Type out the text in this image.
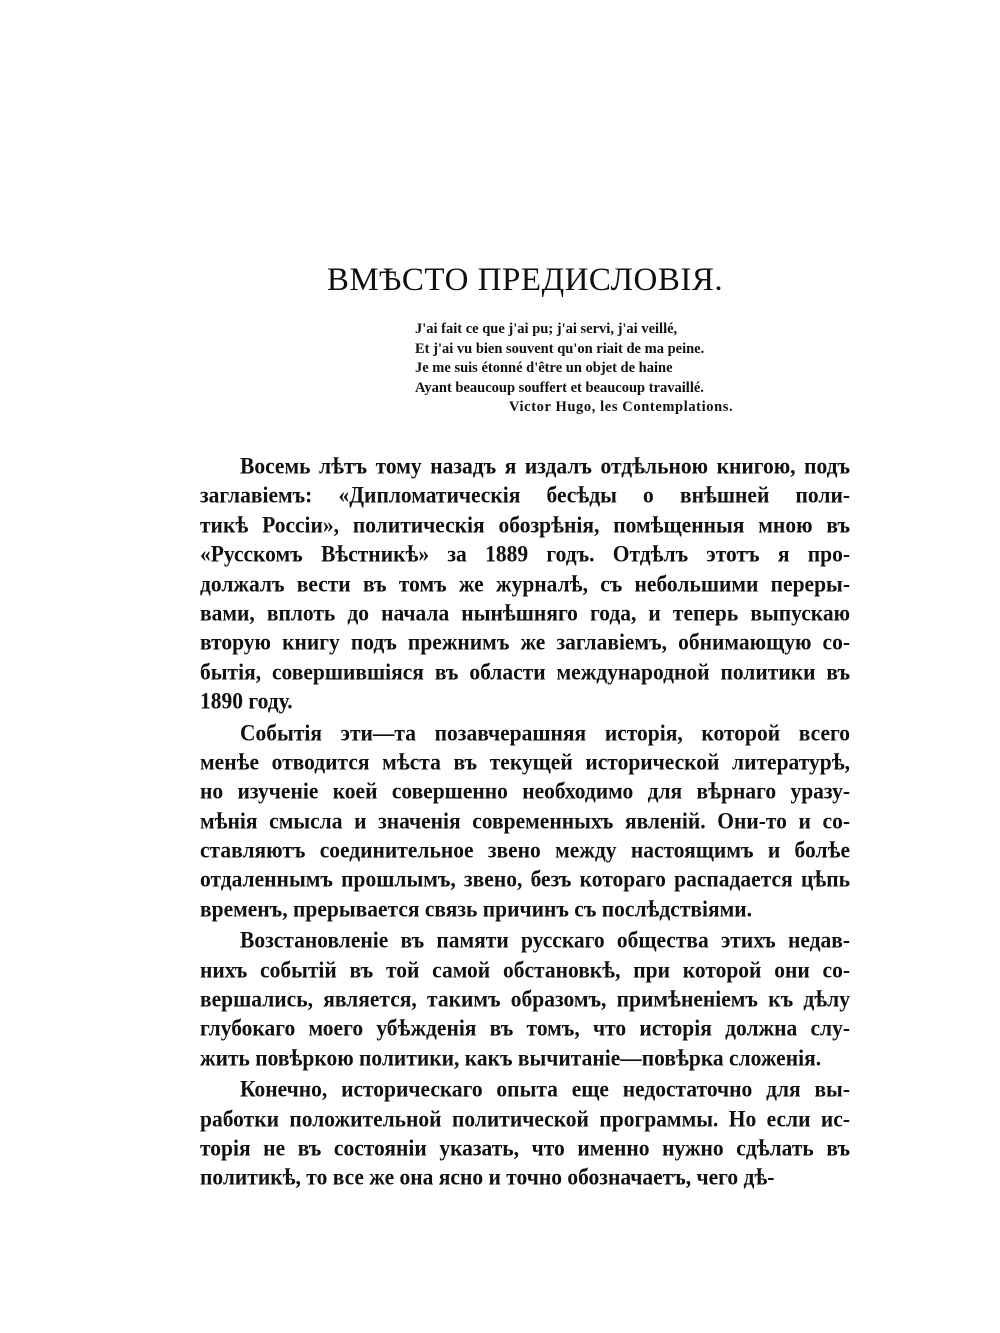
ВМѢСТО ПРЕДИСЛОВІЯ.
J'ai fait ce que j'ai pu; j'ai servi, j'ai veillé,
Et j'ai vu bien souvent qu'on riait de ma peine.
Je me suis étonné d'être un objet de haine
Ayant beaucoup souffert et beaucoup travaillé.
Victor Hugo, les Contemplations.
Восемь лѣтъ тому назадъ я издалъ отдѣльною книгою, подъ
заглавіемъ: «Дипломатическія бесѣды о внѣшней поли-
тикѣ Россіи», политическія обозрѣнія, помѣщенныя мною въ
«Русскомъ Вѣстникѣ» за 1889 годъ. Отдѣлъ этотъ я про-
должалъ вести въ томъ же журналѣ, съ небольшими переры-
вами, вплоть до начала нынѣшняго года, и теперь выпускаю
вторую книгу подъ прежнимъ же заглавіемъ, обнимающую со-
бытія, совершившіяся въ области международной политики въ
1890 году.
Событія эти—та позавчерашняя исторія, которой всего
менѣе отводится мѣста въ текущей исторической литературѣ,
но изученіе коей совершенно необходимо для вѣрнаго уразу-
мѣнія смысла и значенія современныхъ явленій. Они-то и со-
ставляютъ соединительное звено между настоящимъ и болѣе
отдаленнымъ прошлымъ, звено, безъ котораго распадается цѣпь
временъ, прерывается связь причинъ съ послѣдствіями.
Возстановленіе въ памяти русскаго общества этихъ недав-
нихъ событій въ той самой обстановкѣ, при которой они со-
вершались, является, такимъ образомъ, примѣненіемъ къ дѣлу
глубокаго моего убѣжденія въ томъ, что исторія должна слу-
жить повѣркою политики, какъ вычитаніе—повѣрка сложенія.
Конечно, историческаго опыта еще недостаточно для вы-
работки положительной политической программы. Но если ис-
торія не въ состояніи указать, что именно нужно сдѣлать въ
политикѣ, то все же она ясно и точно обозначаетъ, чего дѣ-
